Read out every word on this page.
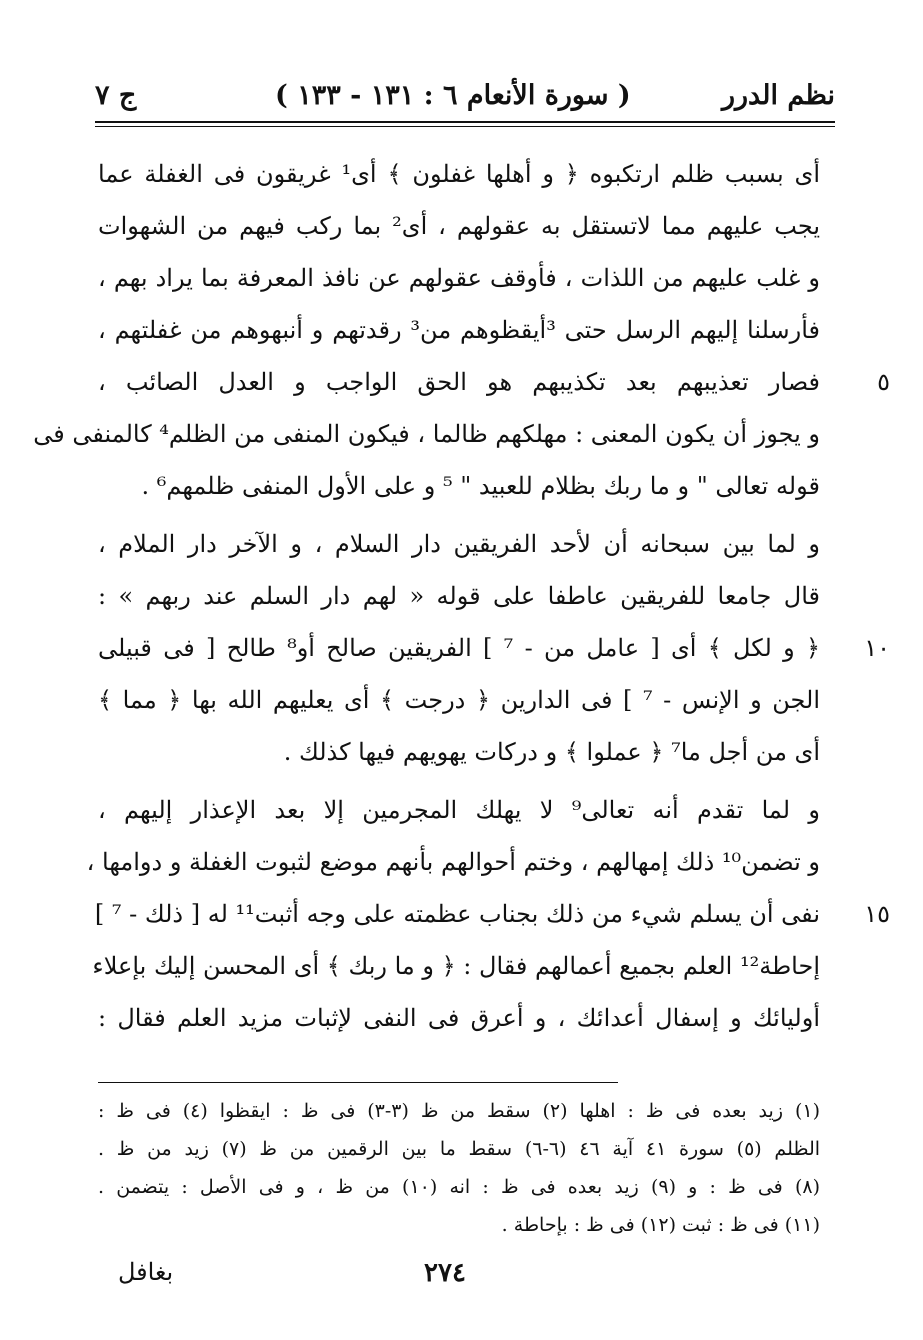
نظم الدرر
( سورة الأنعام ٦ : ١٣١ - ١٣٣ )
ج ٧
أى بسبب ظلم ارتكبوه ﴿ و أهلها غفلون ﴾ أى¹ غريقون فى الغفلة عما
يجب عليهم مما لاتستقل به عقولهم ، أى² بما ركب فيهم من الشهوات
و غلب عليهم من اللذات ، فأوقف عقولهم عن نافذ المعرفة بما يراد بهم ،
فأرسلنا إليهم الرسل حتى ³أيقظوهم من³ رقدتهم و أنبهوهم من غفلتهم ،
فصار تعذيبهم بعد تكذيبهم هو الحق الواجب و العدل الصائب ، ٥
و يجوز أن يكون المعنى : مهلكهم ظالما ، فيكون المنفى من الظلم⁴ كالمنفى فى
قوله تعالى " و ما ربك بظلام للعبيد " ⁵ و على الأول المنفى ظلمهم⁶ .
و لما بين سبحانه أن لأحد الفريقين دار السلام ، و الآخر دار الملام ،
قال جامعا للفريقين عاطفا على قوله « لهم دار السلم عند ربهم » :
﴿ و لكل ﴾ أى [ عامل من - ⁷ ] الفريقين صالح أو⁸ طالح [ فى قبيلى ١٠
الجن و الإنس - ⁷ ] فى الدارين ﴿ درجت ﴾ أى يعليهم الله بها ﴿ مما ﴾
أى من أجل ما⁷ ﴿ عملوا ﴾ و دركات يهويهم فيها كذلك .
و لما تقدم أنه تعالى⁹ لا يهلك المجرمين إلا بعد الإعذار إليهم ،
و تضمن¹⁰ ذلك إمهالهم ، وختم أحوالهم بأنهم موضع لثبوت الغفلة و دوامها ،
نفى أن يسلم شيء من ذلك بجناب عظمته على وجه أثبت¹¹ له [ ذلك - ⁷ ] ١٥
إحاطة¹² العلم بجميع أعمالهم فقال : ﴿ و ما ربك ﴾ أى المحسن إليك بإعلاء
أوليائك و إسفال أعدائك ، و أعرق فى النفى لإثبات مزيد العلم فقال :
(١) زيد بعده فى ظ : اهلها (٢) سقط من ظ (٣-٣) فى ظ : ايقظوا (٤) فى ظ :
الظلم (٥) سورة ٤١ آية ٤٦ (٦-٦) سقط ما بين الرقمين من ظ (٧) زيد من ظ .
(٨) فى ظ : و (٩) زيد بعده فى ظ : انه (١٠) من ظ ، و فى الأصل : يتضمن .
(١١) فى ظ : ثبت (١٢) فى ظ : بإحاطة .
٢٧٤
بغافل
